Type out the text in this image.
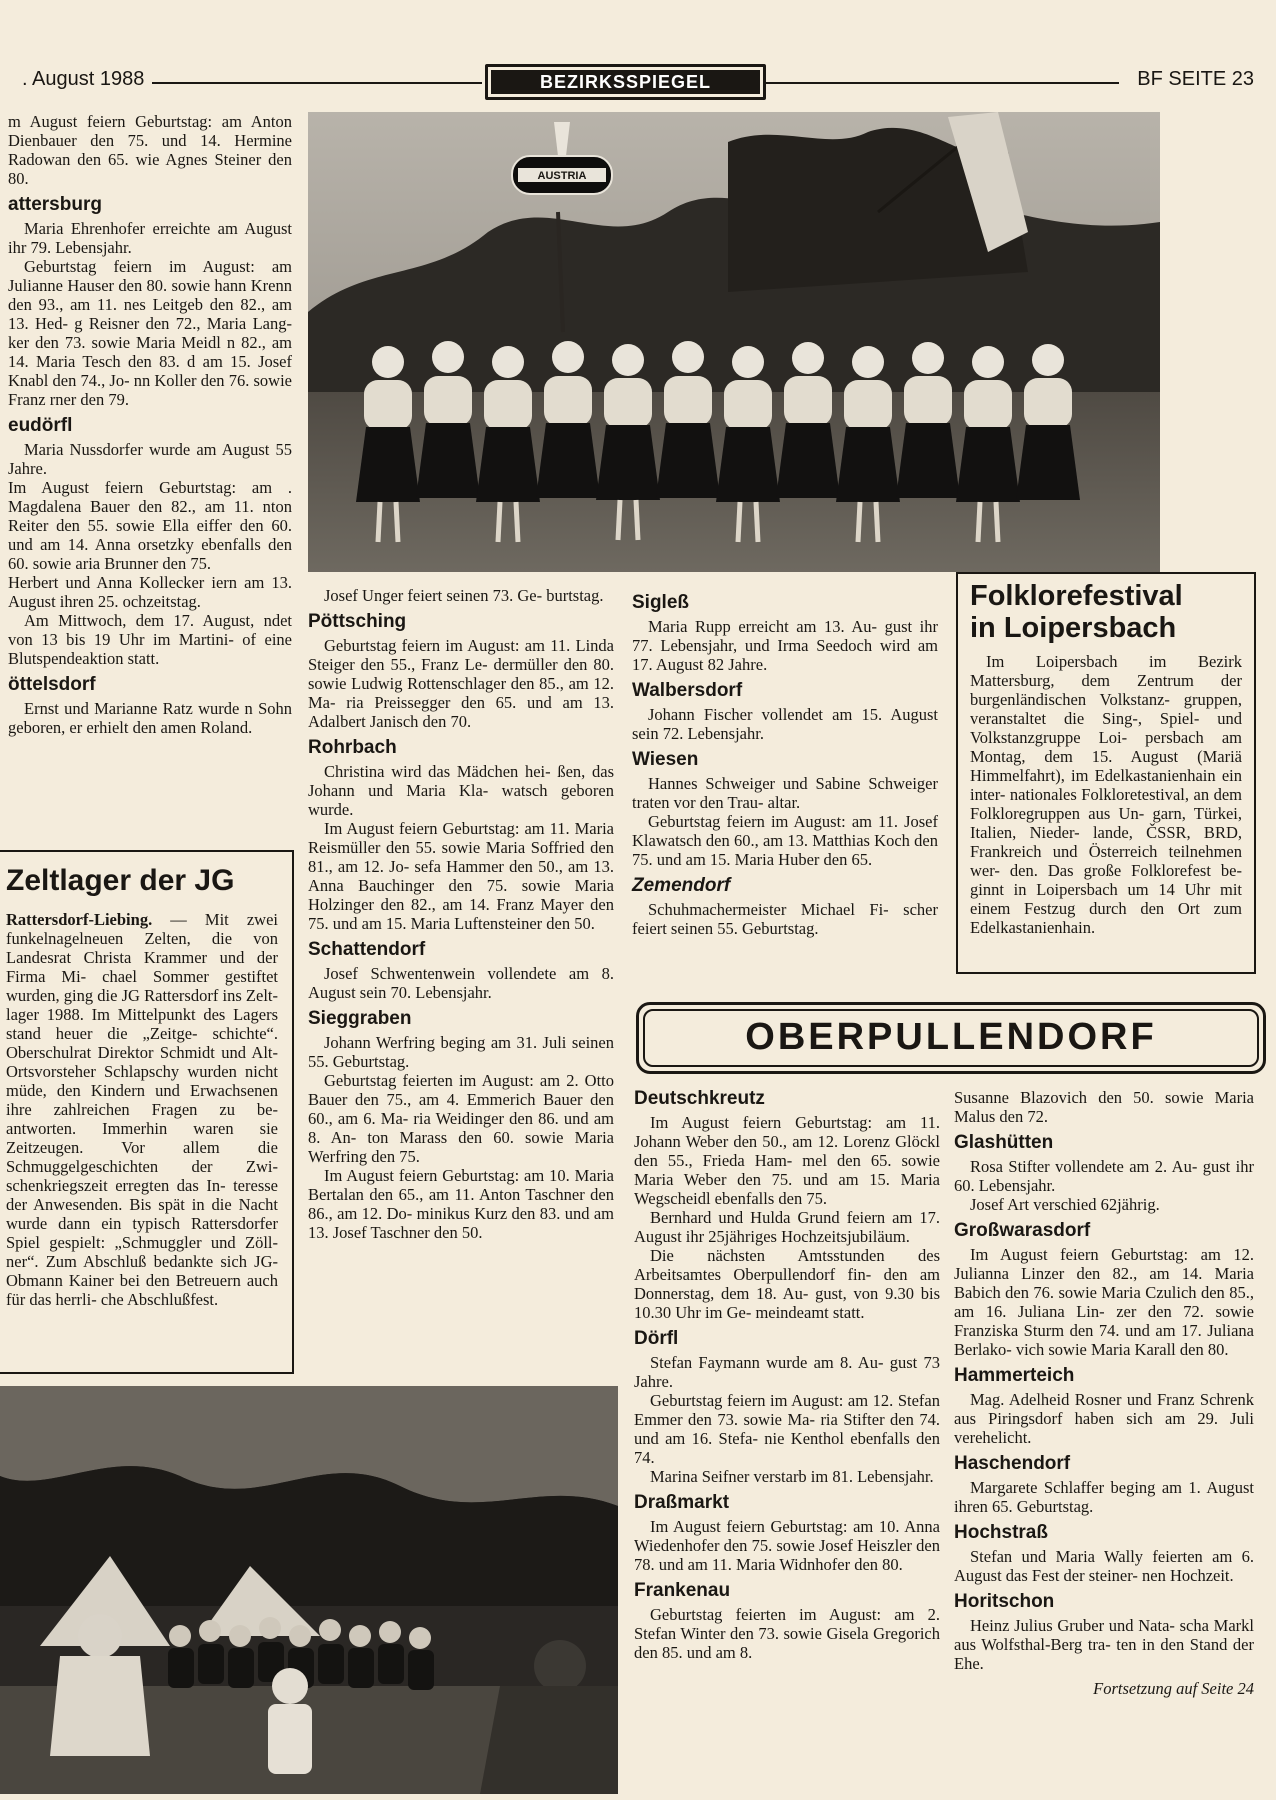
. August 1988	BEZIRKSSPIEGEL	BF SEITE 23

m August feiern Geburtstag: am Anton Dienbauer den 75. und 14. Hermine Radowan den 65. wie Agnes Steiner den 80.

attersburg

Maria Ehrenhofer erreichte am August ihr 79. Lebensjahr.

Geburtstag feiern im August: am Julianne Hauser den 80. sowie hann Krenn den 93., am 11. nes Leitgeb den 82., am 13. Hed- g Reisner den 72., Maria Lang- ker den 73. sowie Maria Meidl n 82., am 14. Maria Tesch den 83. d am 15. Josef Knabl den 74., Jo- nn Koller den 76. sowie Franz rner den 79.

eudörfl

Maria Nussdorfer wurde am August 55 Jahre.

Im August feiern Geburtstag: am . Magdalena Bauer den 82., am 11. nton Reiter den 55. sowie Ella eiffer den 60. und am 14. Anna orsetzky ebenfalls den 60. sowie aria Brunner den 75.

Herbert und Anna Kollecker iern am 13. August ihren 25. ochzeitstag.

Am Mittwoch, dem 17. August, ndet von 13 bis 19 Uhr im Martini- of eine Blutspendeaktion statt.

öttelsdorf

Ernst und Marianne Ratz wurde n Sohn geboren, er erhielt den amen Roland.

Zeltlager der JG

Rattersdorf-Liebing. — Mit zwei funkelnagelneuen Zelten, die von Landesrat Christa Krammer und der Firma Mi- chael Sommer gestiftet wurden, ging die JG Rattersdorf ins Zelt- lager 1988. Im Mittelpunkt des Lagers stand heuer die „Zeitge- schichte“. Oberschulrat Direktor Schmidt und Alt-Ortsvorsteher Schlapschy wurden nicht müde, den Kindern und Erwachsenen ihre zahlreichen Fragen zu be- antworten. Immerhin waren sie Zeitzeugen. Vor allem die Schmuggelgeschichten der Zwi- schenkriegszeit erregten das In- teresse der Anwesenden. Bis spät in die Nacht wurde dann ein typisch Rattersdorfer Spiel gespielt: „Schmuggler und Zöll- ner“. Zum Abschluß bedankte sich JG-Obmann Kainer bei den Betreuern auch für das herrli- che Abschlußfest.

AUSTRIA

Josef Unger feiert seinen 73. Ge- burtstag.

Pöttsching

Geburtstag feiern im August: am 11. Linda Steiger den 55., Franz Le- dermüller den 80. sowie Ludwig Rottenschlager den 85., am 12. Ma- ria Preissegger den 65. und am 13. Adalbert Janisch den 70.

Rohrbach

Christina wird das Mädchen hei- ßen, das Johann und Maria Kla- watsch geboren wurde.

Im August feiern Geburtstag: am 11. Maria Reismüller den 55. sowie Maria Soffried den 81., am 12. Jo- sefa Hammer den 50., am 13. Anna Bauchinger den 75. sowie Maria Holzinger den 82., am 14. Franz Mayer den 75. und am 15. Maria Luftensteiner den 50.

Schattendorf

Josef Schwentenwein vollendete am 8. August sein 70. Lebensjahr.

Sieggraben

Johann Werfring beging am 31. Juli seinen 55. Geburtstag.

Geburtstag feierten im August: am 2. Otto Bauer den 75., am 4. Emmerich Bauer den 60., am 6. Ma- ria Weidinger den 86. und am 8. An- ton Marass den 60. sowie Maria Werfring den 75.

Im August feiern Geburtstag: am 10. Maria Bertalan den 65., am 11. Anton Taschner den 86., am 12. Do- minikus Kurz den 83. und am 13. Josef Taschner den 50.

Sigleß

Maria Rupp erreicht am 13. Au- gust ihr 77. Lebensjahr, und Irma Seedoch wird am 17. August 82 Jahre.

Walbersdorf

Johann Fischer vollendet am 15. August sein 72. Lebensjahr.

Wiesen

Hannes Schweiger und Sabine Schweiger traten vor den Trau- altar.

Geburtstag feiern im August: am 11. Josef Klawatsch den 60., am 13. Matthias Koch den 75. und am 15. Maria Huber den 65.

Zemendorf

Schuhmachermeister Michael Fi- scher feiert seinen 55. Geburtstag.

Folklorefestival
in Loipersbach

Im Loipersbach im Bezirk Mattersburg, dem Zentrum der burgenländischen Volkstanz- gruppen, veranstaltet die Sing-, Spiel- und Volkstanzgruppe Loi- persbach am Montag, dem 15. August (Mariä Himmelfahrt), im Edelkastanienhain ein inter- nationales Folkloretestival, an dem Folkloregruppen aus Un- garn, Türkei, Italien, Nieder- lande, ČSSR, BRD, Frankreich und Österreich teilnehmen wer- den. Das große Folklorefest be- ginnt in Loipersbach um 14 Uhr mit einem Festzug durch den Ort zum Edelkastanienhain.

OBERPULLENDORF
Deutschkreutz

Im August feiern Geburtstag: am 11. Johann Weber den 50., am 12. Lorenz Glöckl den 55., Frieda Ham- mel den 65. sowie Maria Weber den 75. und am 15. Maria Wegscheidl ebenfalls den 75.

Bernhard und Hulda Grund feiern am 17. August ihr 25jähriges Hochzeitsjubiläum.

Die nächsten Amtsstunden des Arbeitsamtes Oberpullendorf fin- den am Donnerstag, dem 18. Au- gust, von 9.30 bis 10.30 Uhr im Ge- meindeamt statt.

Dörfl

Stefan Faymann wurde am 8. Au- gust 73 Jahre.

Geburtstag feiern im August: am 12. Stefan Emmer den 73. sowie Ma- ria Stifter den 74. und am 16. Stefa- nie Kenthol ebenfalls den 74.

Marina Seifner verstarb im 81. Lebensjahr.

Draßmarkt

Im August feiern Geburtstag: am 10. Anna Wiedenhofer den 75. sowie Josef Heiszler den 78. und am 11. Maria Widnhofer den 80.

Frankenau

Geburtstag feierten im August: am 2. Stefan Winter den 73. sowie Gisela Gregorich den 85. und am 8.

Susanne Blazovich den 50. sowie Maria Malus den 72.

Glashütten

Rosa Stifter vollendete am 2. Au- gust ihr 60. Lebensjahr.

Josef Art verschied 62jährig.

Großwarasdorf

Im August feiern Geburtstag: am 12. Julianna Linzer den 82., am 14. Maria Babich den 76. sowie Maria Czulich den 85., am 16. Juliana Lin- zer den 72. sowie Franziska Sturm den 74. und am 17. Juliana Berlako- vich sowie Maria Karall den 80.

Hammerteich

Mag. Adelheid Rosner und Franz Schrenk aus Piringsdorf haben sich am 29. Juli verehelicht.

Haschendorf

Margarete Schlaffer beging am 1. August ihren 65. Geburtstag.

Hochstraß

Stefan und Maria Wally feierten am 6. August das Fest der steiner- nen Hochzeit.

Horitschon

Heinz Julius Gruber und Nata- scha Markl aus Wolfsthal-Berg tra- ten in den Stand der Ehe.

Fortsetzung auf Seite 24
